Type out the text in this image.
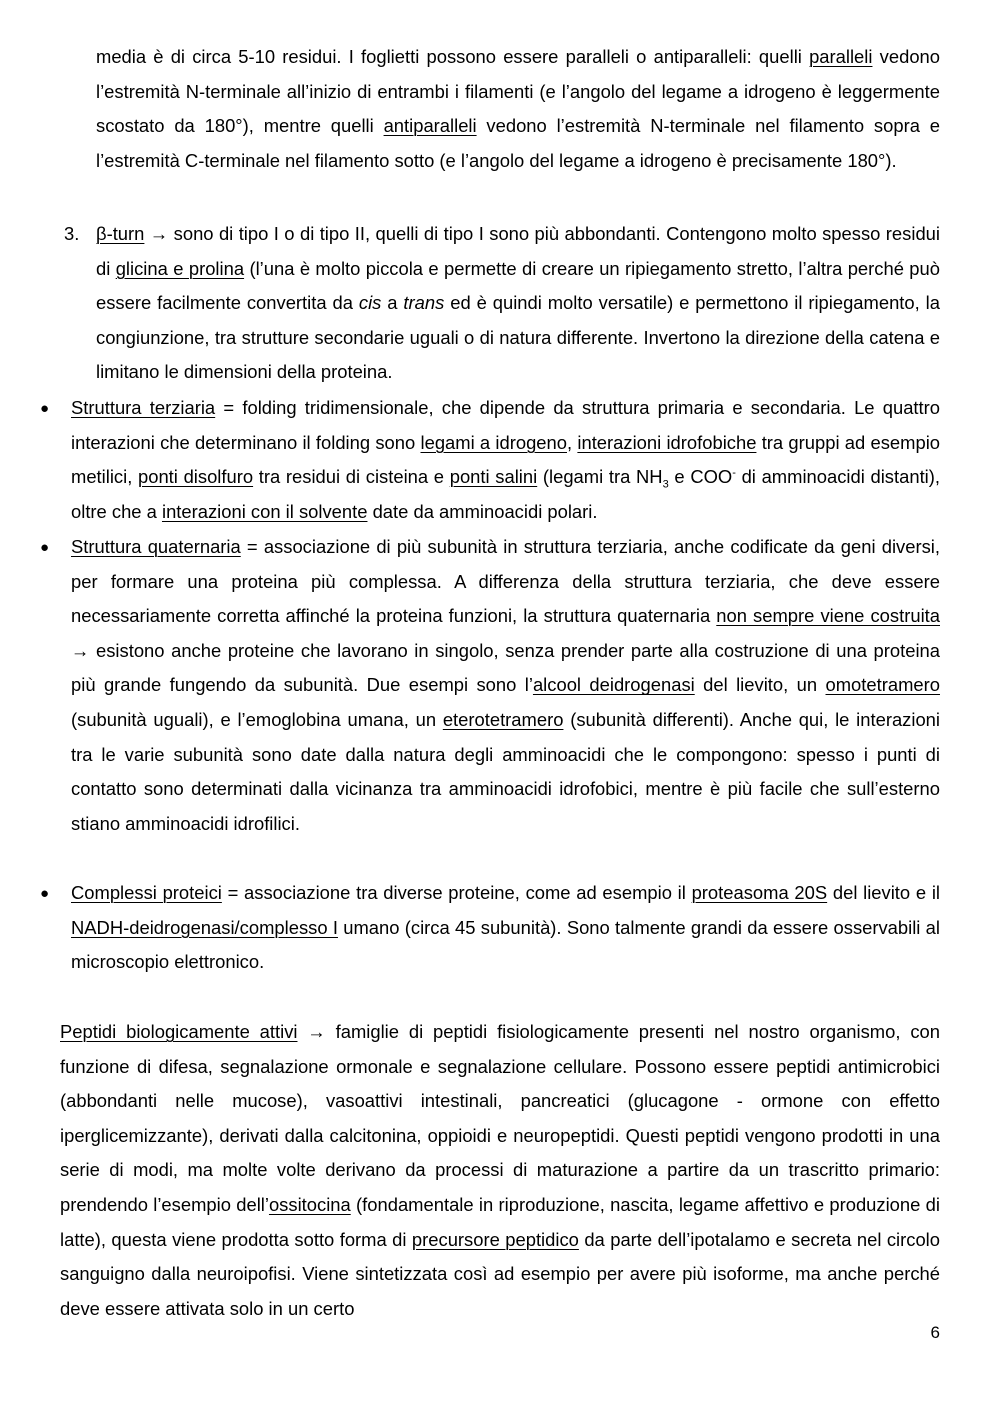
media è di circa 5-10 residui. I foglietti possono essere paralleli o antiparalleli: quelli paralleli vedono l’estremità N-terminale all’inizio di entrambi i filamenti (e l’angolo del legame a idrogeno è leggermente scostato da 180°), mentre quelli antiparalleli vedono l’estremità N-terminale nel filamento sopra e l’estremità C-terminale nel filamento sotto (e l’angolo del legame a idrogeno è precisamente 180°).
3. β-turn → sono di tipo I o di tipo II, quelli di tipo I sono più abbondanti. Contengono molto spesso residui di glicina e prolina (l’una è molto piccola e permette di creare un ripiegamento stretto, l’altra perché può essere facilmente convertita da cis a trans ed è quindi molto versatile) e permettono il ripiegamento, la congiunzione, tra strutture secondarie uguali o di natura differente. Invertono la direzione della catena e limitano le dimensioni della proteina.
● Struttura terziaria = folding tridimensionale, che dipende da struttura primaria e secondaria. Le quattro interazioni che determinano il folding sono legami a idrogeno, interazioni idrofobiche tra gruppi ad esempio metilici, ponti disolfuro tra residui di cisteina e ponti salini (legami tra $NH_3$ e COO- di amminoacidi distanti), oltre che a interazioni con il solvente date da amminoacidi polari.
● Struttura quaternaria = associazione di più subunità in struttura terziaria, anche codificate da geni diversi, per formare una proteina più complessa. A differenza della struttura terziaria, che deve essere necessariamente corretta affinché la proteina funzioni, la struttura quaternaria non sempre viene costruita → esistono anche proteine che lavorano in singolo, senza prender parte alla costruzione di una proteina più grande fungendo da subunità. Due esempi sono l’alcool deidrogenasi del lievito, un omotetramero (subunità uguali), e l’emoglobina umana, un eterotetramero (subunità differenti). Anche qui, le interazioni tra le varie subunità sono date dalla natura degli amminoacidi che le compongono: spesso i punti di contatto sono determinati dalla vicinanza tra amminoacidi idrofobici, mentre è più facile che sull’esterno stiano amminoacidi idrofilici.
● Complessi proteici = associazione tra diverse proteine, come ad esempio il proteasoma 20S del lievito e il NADH-deidrogenasi/complesso I umano (circa 45 subunità). Sono talmente grandi da essere osservabili al microscopio elettronico.
Peptidi biologicamente attivi → famiglie di peptidi fisiologicamente presenti nel nostro organismo, con funzione di difesa, segnalazione ormonale e segnalazione cellulare. Possono essere peptidi antimicrobici (abbondanti nelle mucose), vasoattivi intestinali, pancreatici (glucagone - ormone con effetto iperglicemizzante), derivati dalla calcitonina, oppioidi e neuropeptidi. Questi peptidi vengono prodotti in una serie di modi, ma molte volte derivano da processi di maturazione a partire da un trascritto primario: prendendo l’esempio dell’ossitocina (fondamentale in riproduzione, nascita, legame affettivo e produzione di latte), questa viene prodotta sotto forma di precursore peptidico da parte dell’ipotalamo e secreta nel circolo sanguigno dalla neuroipofisi. Viene sintetizzata così ad esempio per avere più isoforme, ma anche perché deve essere attivata solo in un certo
6
